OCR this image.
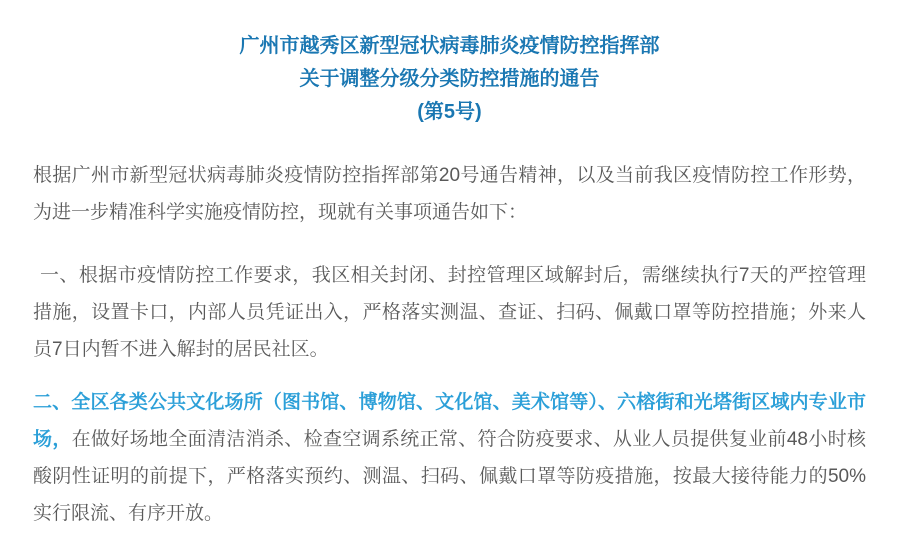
广州市越秀区新型冠状病毒肺炎疫情防控指挥部
关于调整分级分类防控措施的通告
(第5号)

根据广州市新型冠状病毒肺炎疫情防控指挥部第20号通告精神，以及当前我区疫情防控工作形势，为进一步精准科学实施疫情防控，现就有关事项通告如下：

一、根据市疫情防控工作要求，我区相关封闭、封控管理区域解封后，需继续执行7天的严控管理措施，设置卡口，内部人员凭证出入，严格落实测温、查证、扫码、佩戴口罩等防控措施；外来人员7日内暂不进入解封的居民社区。

二、全区各类公共文化场所（图书馆、博物馆、文化馆、美术馆等）、六榕街和光塔街区域内专业市场，在做好场地全面清洁消杀、检查空调系统正常、符合防疫要求、从业人员提供复业前48小时核酸阴性证明的前提下，严格落实预约、测温、扫码、佩戴口罩等防疫措施，按最大接待能力的50%实行限流、有序开放。
